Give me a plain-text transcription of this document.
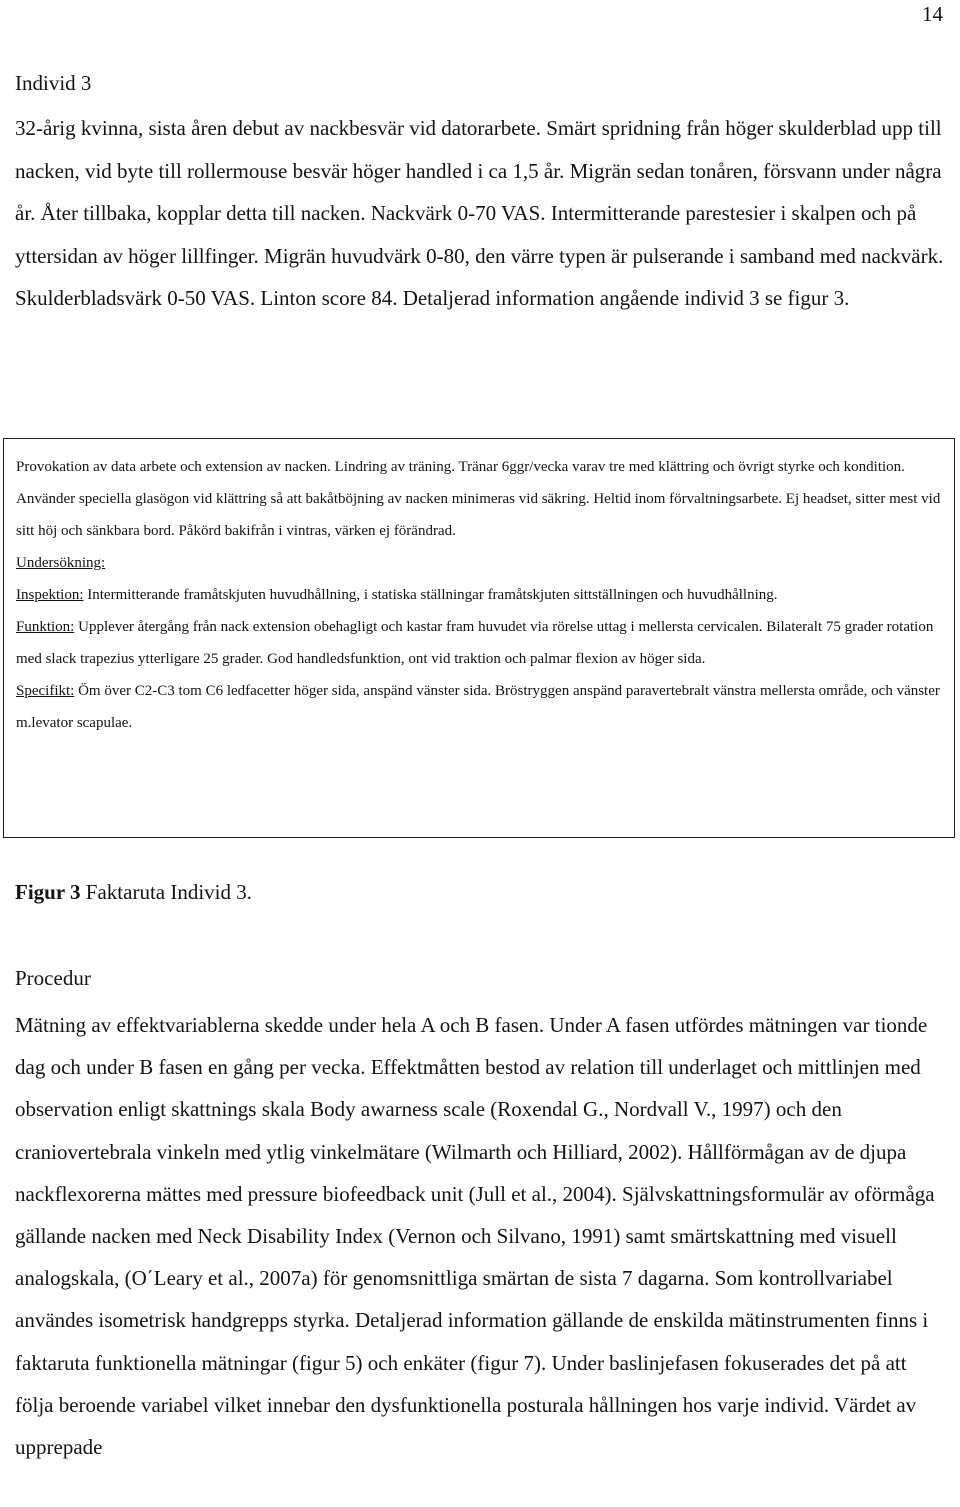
14
Individ 3
32-årig kvinna, sista åren debut av nackbesvär vid datorarbete. Smärt spridning från höger skulderblad upp till nacken, vid byte till rollermouse besvär höger handled i ca 1,5 år. Migrän sedan tonåren, försvann under några år. Åter tillbaka, kopplar detta till nacken. Nackvärk 0-70 VAS. Intermitterande parestesier i skalpen och på yttersidan av höger lillfinger. Migrän huvudvärk 0-80, den värre typen är pulserande i samband med nackvärk. Skulderbladsvärk 0-50 VAS. Linton score 84. Detaljerad information angående individ 3 se figur 3.

Provokation av data arbete och extension av nacken. Lindring av träning. Tränar 6ggr/vecka varav tre med klättring och övrigt styrke och kondition. Använder speciella glasögon vid klättring så att bakåtböjning av nacken minimeras vid säkring. Heltid inom förvaltningsarbete. Ej headset, sitter mest vid sitt höj och sänkbara bord. Påkörd bakifrån i vintras, värken ej förändrad.

Undersökning:

Inspektion: Intermitterande framåtskjuten huvudhållning, i statiska ställningar framåtskjuten sittställningen och huvudhållning.

Funktion: Upplever återgång från nack extension obehagligt och kastar fram huvudet via rörelse uttag i mellersta cervicalen. Bilateralt 75 grader rotation med slack trapezius ytterligare 25 grader. God handledsfunktion, ont vid traktion och palmar flexion av höger sida.

Specifikt: Öm över C2-C3 tom C6 ledfacetter höger sida, anspänd vänster sida. Bröstryggen anspänd paravertebralt vänstra mellersta område, och vänster m.levator scapulae.

Figur 3 Faktaruta Individ 3.
Procedur
Mätning av effektvariablerna skedde under hela A och B fasen. Under A fasen utfördes mätningen var tionde dag och under B fasen en gång per vecka. Effektmåtten bestod av relation till underlaget och mittlinjen med observation enligt skattnings skala Body awarness scale (Roxendal G., Nordvall V., 1997) och den craniovertebrala vinkeln med ytlig vinkelmätare (Wilmarth och Hilliard, 2002). Hållförmågan av de djupa nackflexorerna mättes med pressure biofeedback unit (Jull et al., 2004). Självskattningsformulär av oförmåga gällande nacken med Neck Disability Index (Vernon och Silvano, 1991) samt smärtskattning med visuell analogskala, (O΄Leary et al., 2007a) för genomsnittliga smärtan de sista 7 dagarna. Som kontrollvariabel användes isometrisk handgrepps styrka. Detaljerad information gällande de enskilda mätinstrumenten finns i faktaruta funktionella mätningar (figur 5) och enkäter (figur 7). Under baslinjefasen fokuserades det på att följa beroende variabel vilket innebar den dysfunktionella posturala hållningen hos varje individ. Värdet av upprepade
